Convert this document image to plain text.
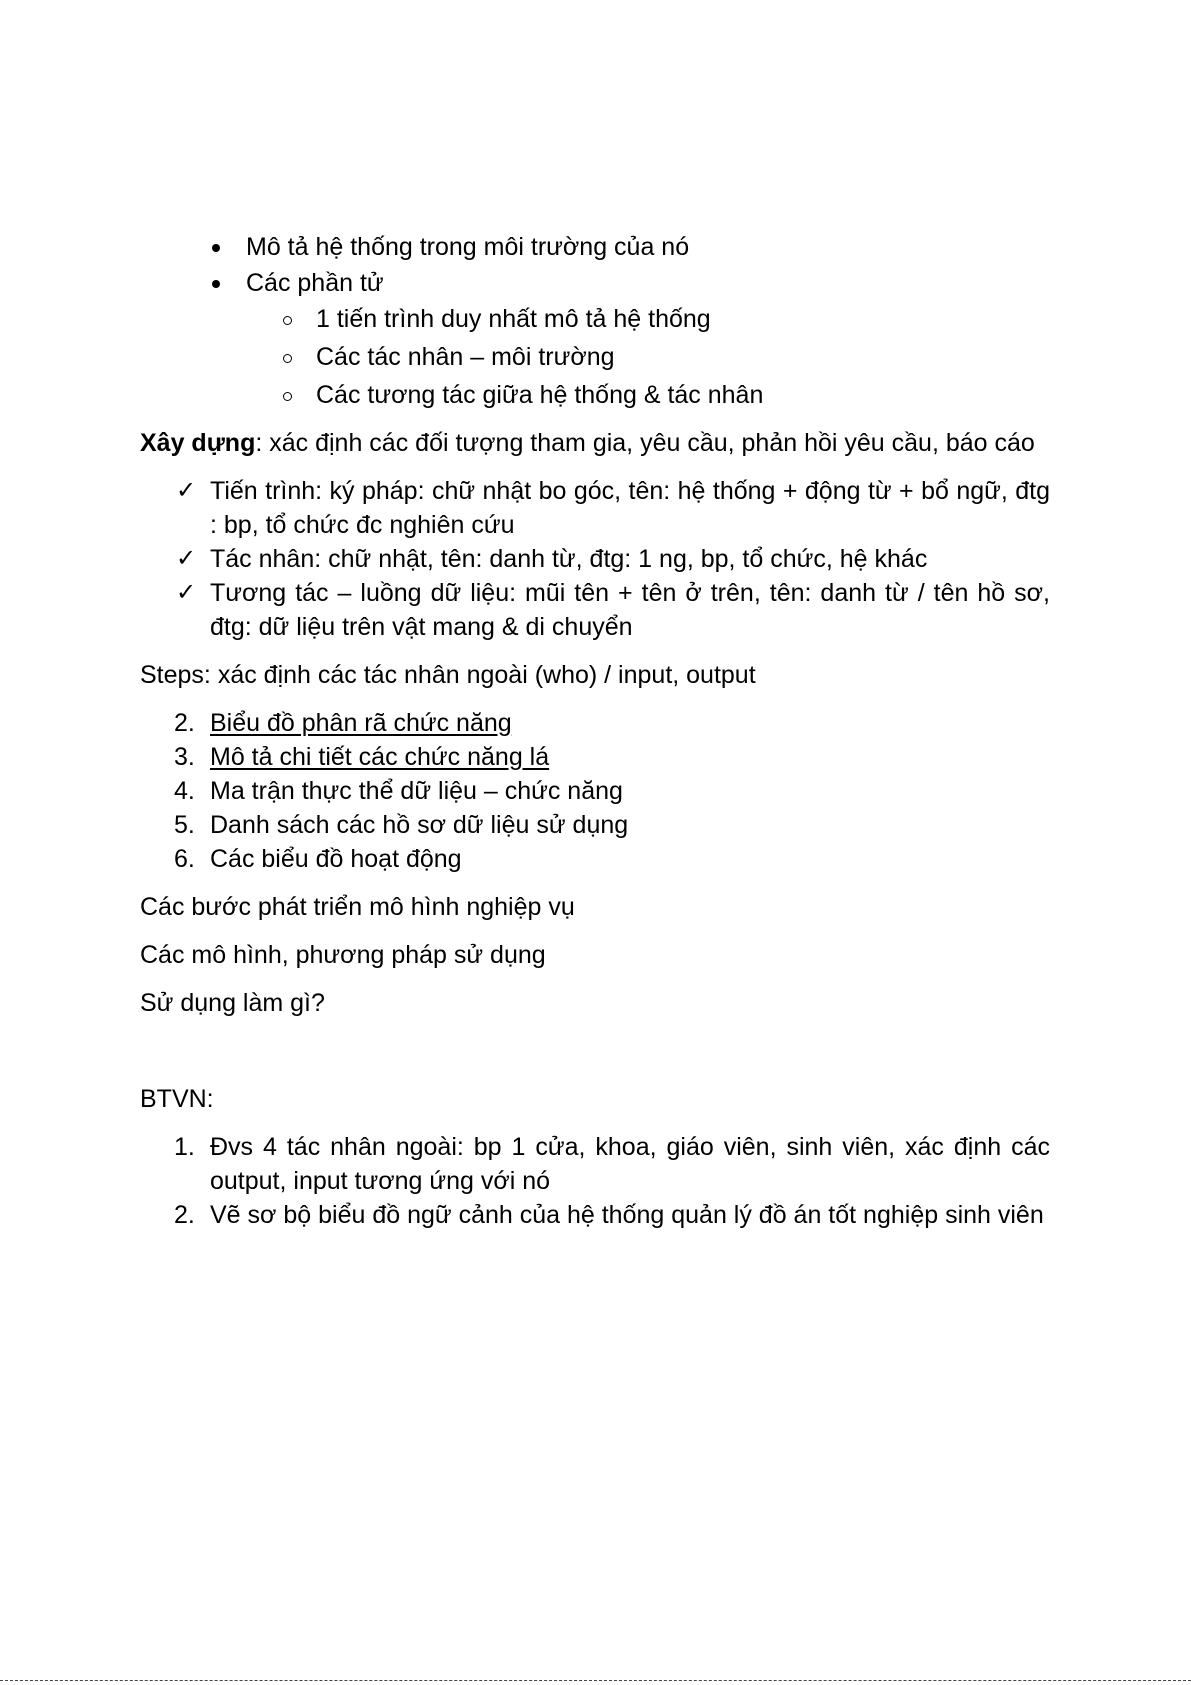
Mô tả hệ thống trong môi trường của nó
Các phần tử
1 tiến trình duy nhất mô tả hệ thống
Các tác nhân – môi trường
Các tương tác giữa hệ thống & tác nhân

Xây dựng: xác định các đối tượng tham gia, yêu cầu, phản hồi yêu cầu, báo cáo

✓ Tiến trình: ký pháp: chữ nhật bo góc, tên: hệ thống + động từ + bổ ngữ, đtg : bp, tổ chức đc nghiên cứu
✓ Tác nhân: chữ nhật, tên: danh từ, đtg: 1 ng, bp, tổ chức, hệ khác
✓ Tương tác – luồng dữ liệu: mũi tên + tên ở trên, tên: danh từ / tên hồ sơ, đtg: dữ liệu trên vật mang & di chuyển

Steps: xác định các tác nhân ngoài (who) / input, output

2. Biểu đồ phân rã chức năng
3. Mô tả chi tiết các chức năng lá
4. Ma trận thực thể dữ liệu – chức năng
5. Danh sách các hồ sơ dữ liệu sử dụng
6. Các biểu đồ hoạt động

Các bước phát triển mô hình nghiệp vụ

Các mô hình, phương pháp sử dụng

Sử dụng làm gì?

BTVN:

1. Đvs 4 tác nhân ngoài: bp 1 cửa, khoa, giáo viên, sinh viên, xác định các output, input tương ứng với nó
2. Vẽ sơ bộ biểu đồ ngữ cảnh của hệ thống quản lý đồ án tốt nghiệp sinh viên
